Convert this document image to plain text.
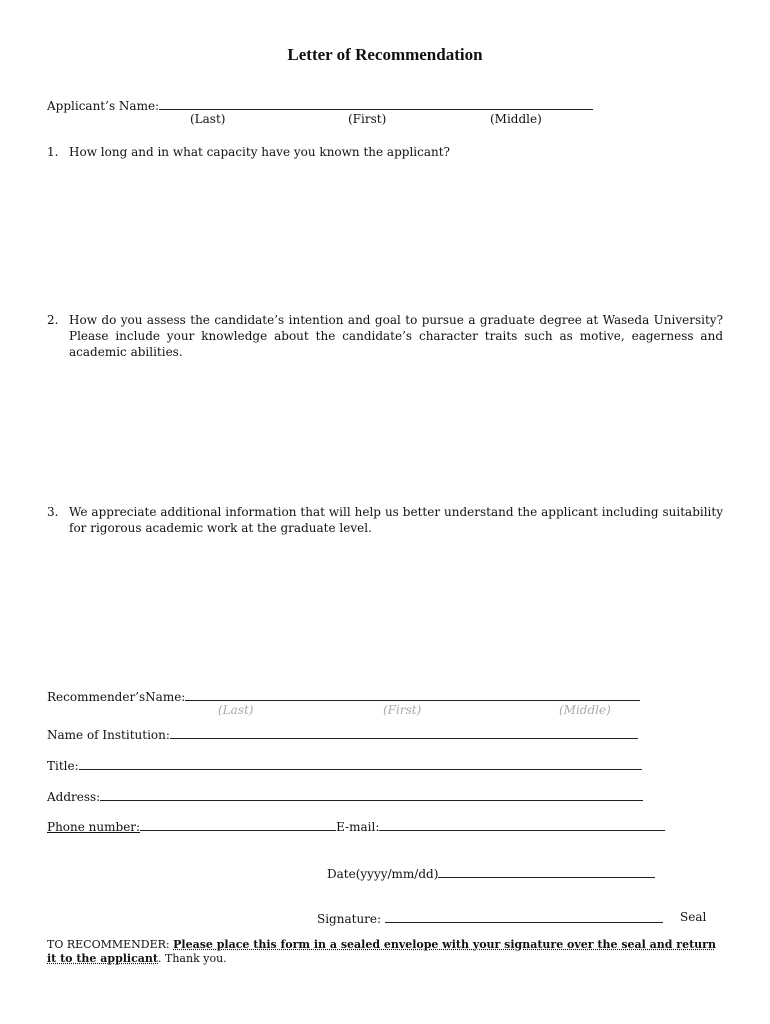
Letter of Recommendation
Applicant’s Name:
(Last)	(First)	(Middle)
1. How long and in what capacity have you known the applicant?
2. How do you assess the candidate’s intention and goal to pursue a graduate degree at Waseda University? Please include your knowledge about the candidate’s character traits such as motive, eagerness and academic abilities.
3. We appreciate additional information that will help us better understand the applicant including suitability for rigorous academic work at the graduate level.
Recommender’sName:
(Last)	(First)	(Middle)
Name of Institution:
Title:
Address:
Phone number:	E-mail:
Date(yyyy/mm/dd)
Signature:	Seal
TO RECOMMENDER: Please place this form in a sealed envelope with your signature over the seal and return it to the applicant. Thank you.
